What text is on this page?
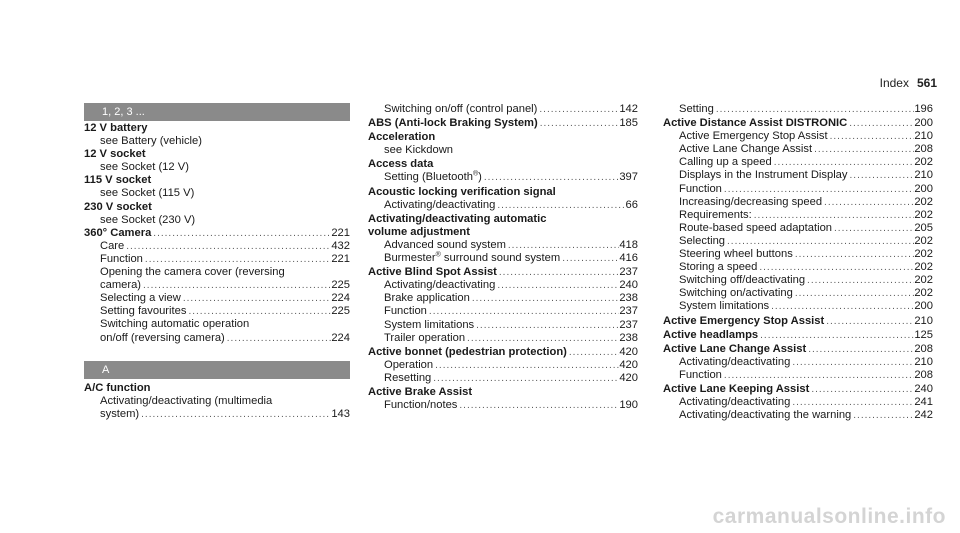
Index 561
1, 2, 3 ...
12 V battery
see Battery (vehicle)
12 V socket
see Socket (12 V)
115 V socket
see Socket (115 V)
230 V socket
see Socket (230 V)
360° Camera .....	221
Care .....	432
Function .....	221
Opening the camera cover (reversing
camera) .....	225
Selecting a view .....	224
Setting favourites .....	225
Switching automatic operation
on/off (reversing camera) .....	224
A
A/C function
Activating/deactivating (multimedia
system) .....	143
Switching on/off (control panel) .....	142
ABS (Anti-lock Braking System) .....	185
Acceleration
see Kickdown
Access data
Setting (Bluetooth®) .....	397
Acoustic locking verification signal
Activating/deactivating .....	66
Activating/deactivating automatic
volume adjustment
Advanced sound system .....	418
Burmester® surround sound system .....	416
Active Blind Spot Assist .....	237
Activating/deactivating .....	240
Brake application .....	238
Function .....	237
System limitations .....	237
Trailer operation .....	238
Active bonnet (pedestrian protection) .....	420
Operation .....	420
Resetting .....	420
Active Brake Assist
Function/notes .....	190
Setting .....	196
Active Distance Assist DISTRONIC .....	200
Active Emergency Stop Assist .....	210
Active Lane Change Assist .....	208
Calling up a speed .....	202
Displays in the Instrument Display .....	210
Function .....	200
Increasing/decreasing speed .....	202
Requirements: .....	202
Route-based speed adaptation .....	205
Selecting .....	202
Steering wheel buttons .....	202
Storing a speed .....	202
Switching off/deactivating .....	202
Switching on/activating .....	202
System limitations .....	200
Active Emergency Stop Assist .....	210
Active headlamps .....	125
Active Lane Change Assist .....	208
Activating/deactivating .....	210
Function .....	208
Active Lane Keeping Assist .....	240
Activating/deactivating .....	241
Activating/deactivating the warning .....	242
carmanualsonline.info
